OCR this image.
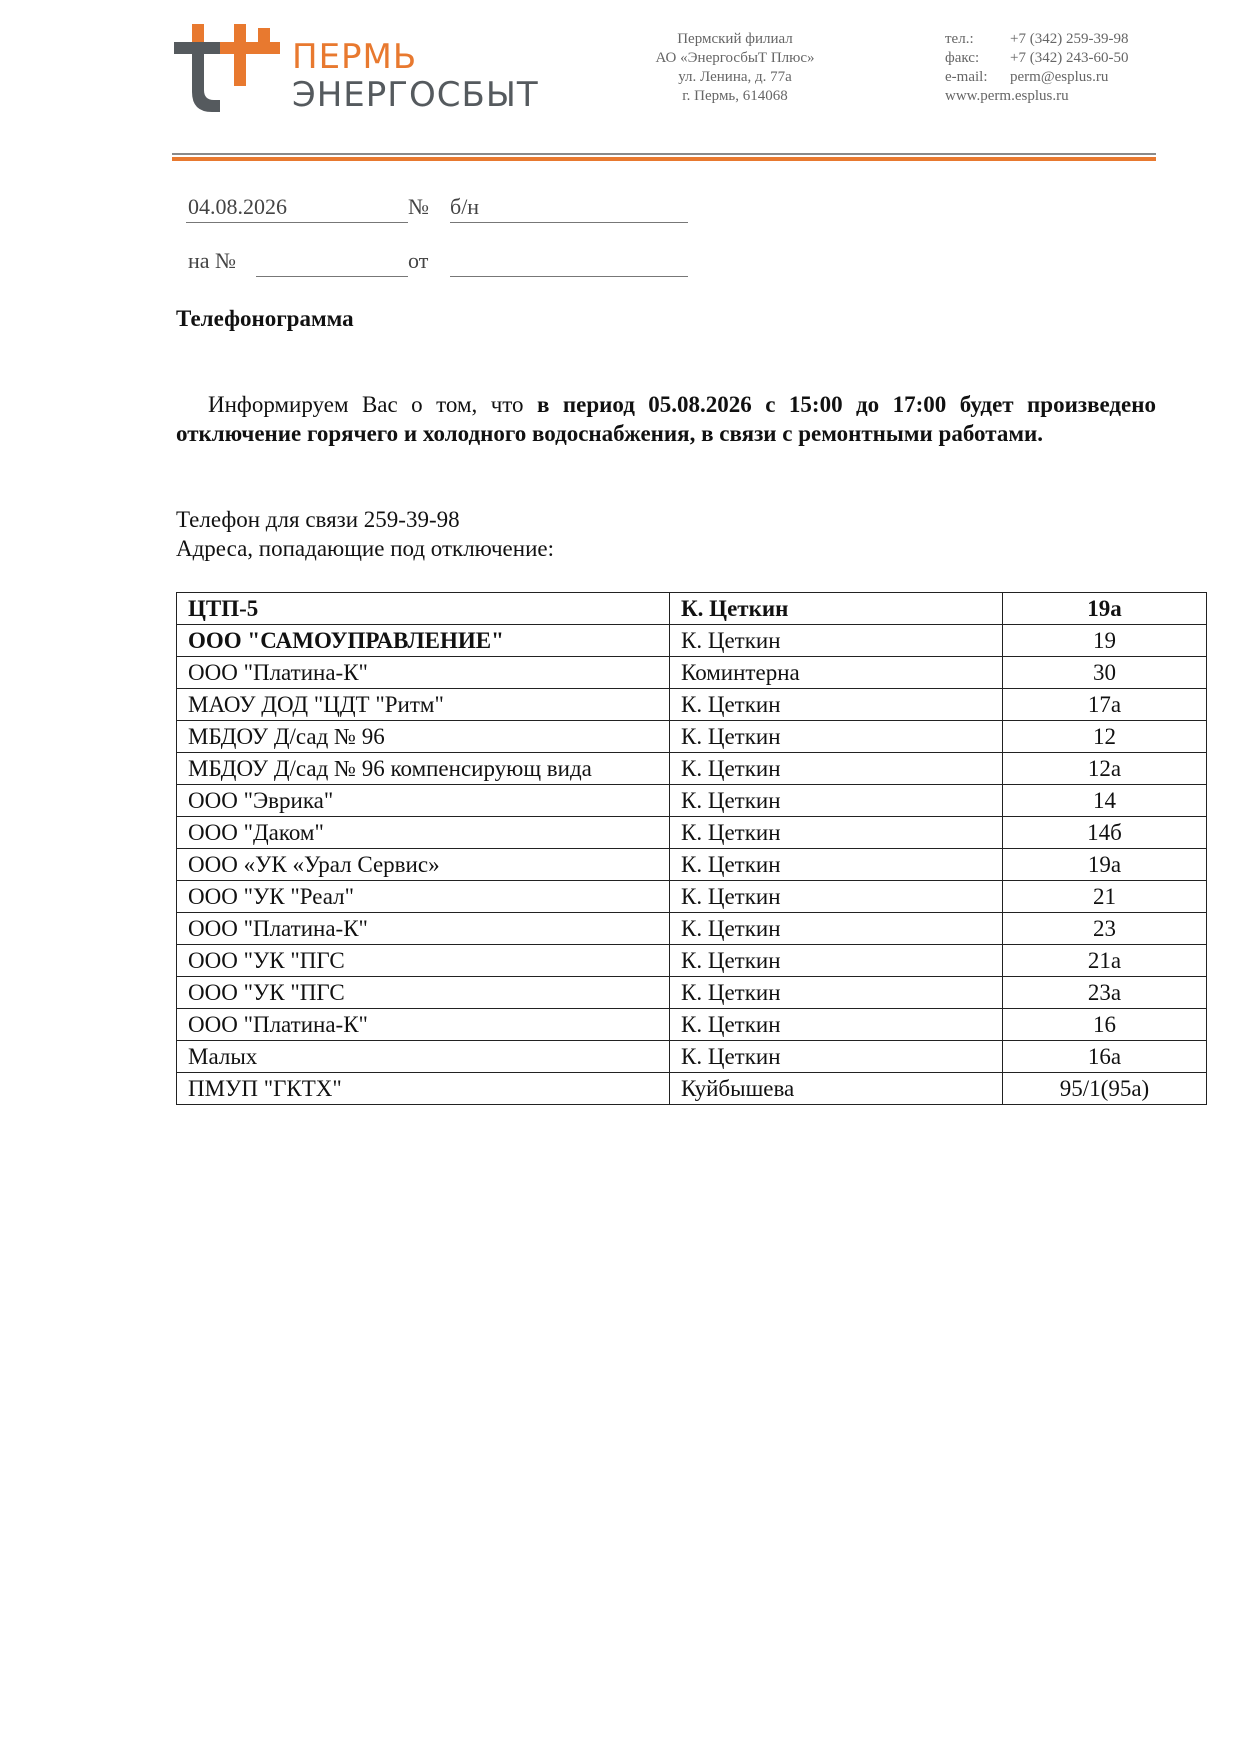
ПЕРМЬ
ЭНЕРГОСБЫТ
Пермский филиал
АО «ЭнергосбыТ Плюс»
ул. Ленина, д. 77а
г. Пермь, 614068
тел.:	+7 (342) 259-39-98
факс:	+7 (342) 243-60-50
e-mail:	perm@esplus.ru
www.perm.esplus.ru
04.08.2026	№ б/н
на №	от
Телефонограмма
Информируем Вас о том, что в период 05.08.2026 с 15:00 до 17:00 будет произведено отключение горячего и холодного водоснабжения, в связи с ремонтными работами.
Телефон для связи 259-39-98
Адреса, попадающие под отключение:
ЦТП-5	К. Цеткин	19а
ООО "САМОУПРАВЛЕНИЕ"	К. Цеткин	19
ООО "Платина-К"	Коминтерна	30
МАОУ ДОД "ЦДТ "Ритм"	К. Цеткин	17а
МБДОУ Д/сад № 96	К. Цеткин	12
МБДОУ Д/сад № 96 компенсирующ вида	К. Цеткин	12а
ООО "Эврика"	К. Цеткин	14
ООО "Даком"	К. Цеткин	14б
ООО «УК «Урал Сервис»	К. Цеткин	19а
ООО "УК "Реал"	К. Цеткин	21
ООО "Платина-К"	К. Цеткин	23
ООО "УК "ПГС	К. Цеткин	21а
ООО "УК "ПГС	К. Цеткин	23а
ООО "Платина-К"	К. Цеткин	16
Малых	К. Цеткин	16а
ПМУП "ГКТХ"	Куйбышева	95/1(95а)
